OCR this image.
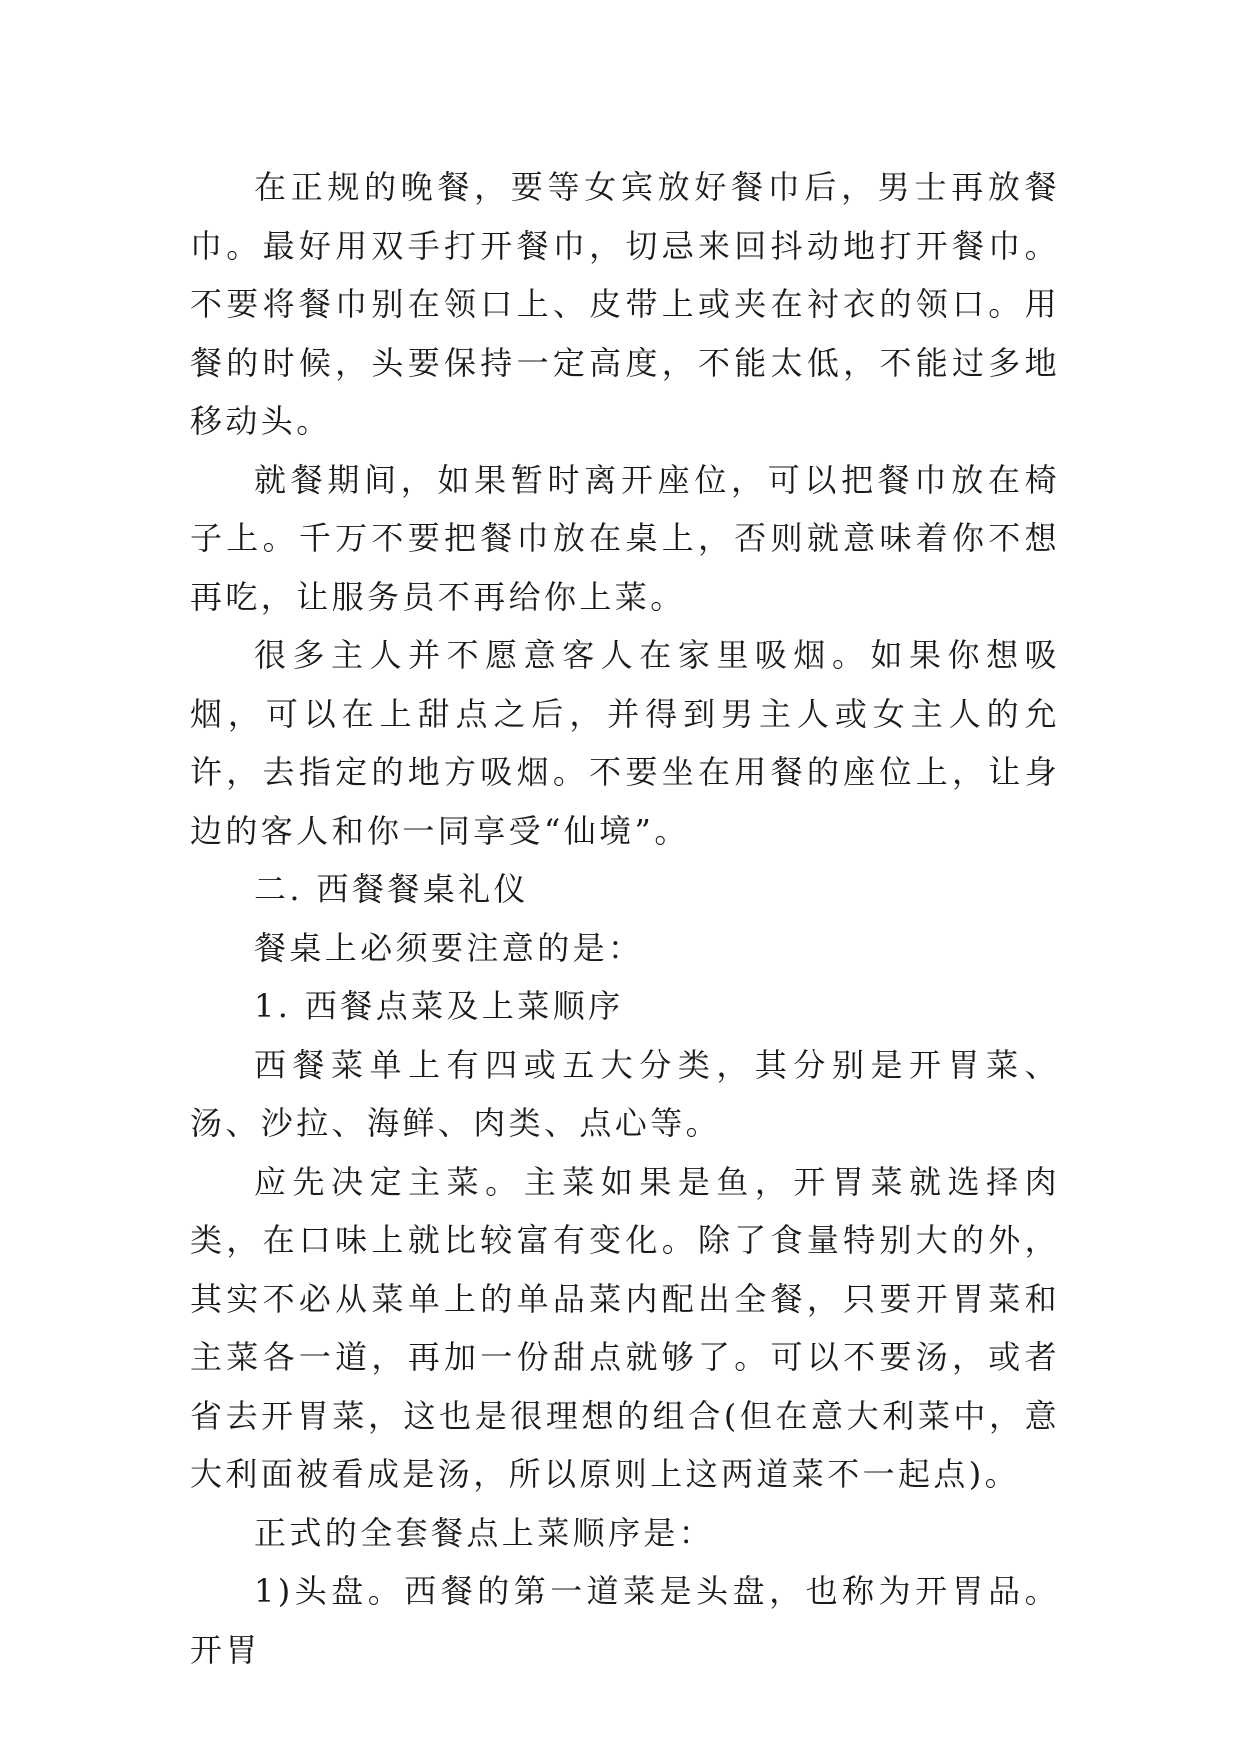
在正规的晚餐，要等女宾放好餐巾后，男士再放餐巾。最好用双手打开餐巾，切忌来回抖动地打开餐巾。不要将餐巾别在领口上、皮带上或夹在衬衣的领口。用餐的时候，头要保持一定高度，不能太低，不能过多地移动头。

就餐期间，如果暂时离开座位，可以把餐巾放在椅子上。千万不要把餐巾放在桌上，否则就意味着你不想再吃，让服务员不再给你上菜。

很多主人并不愿意客人在家里吸烟。如果你想吸烟，可以在上甜点之后，并得到男主人或女主人的允许，去指定的地方吸烟。不要坐在用餐的座位上，让身边的客人和你一同享受“仙境”。

二. 西餐餐桌礼仪

餐桌上必须要注意的是：

1. 西餐点菜及上菜顺序

西餐菜单上有四或五大分类，其分别是开胃菜、汤、沙拉、海鲜、肉类、点心等。

应先决定主菜。主菜如果是鱼，开胃菜就选择肉类，在口味上就比较富有变化。除了食量特别大的外，其实不必从菜单上的单品菜内配出全餐，只要开胃菜和主菜各一道，再加一份甜点就够了。可以不要汤，或者省去开胃菜，这也是很理想的组合(但在意大利菜中，意大利面被看成是汤，所以原则上这两道菜不一起点)。

正式的全套餐点上菜顺序是：

1)头盘。西餐的第一道菜是头盘，也称为开胃品。开胃
